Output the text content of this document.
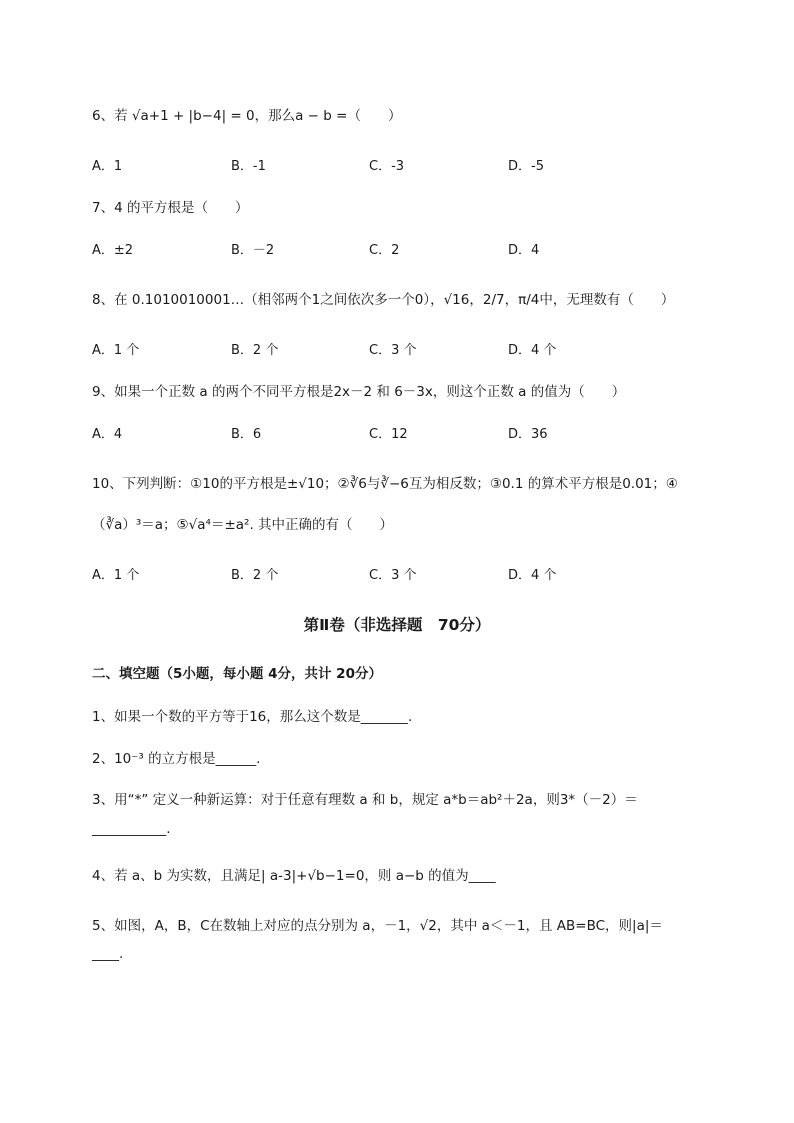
6、若 √a+1 + |b−4| = 0，那么a − b =（　　）
A．1	B．-1	C．-3	D．-5
7、4 的平方根是（　　）
A．±2	B．－2	C．2	D．4
8、在 0.1010010001…（相邻两个1之间依次多一个0），√16，2/7，π/4中，无理数有（　　）
A．1 个	B．2 个	C．3 个	D．4 个
9、如果一个正数 a 的两个不同平方根是2x－2 和 6－3x，则这个正数 a 的值为（　　）
A．4	B．6	C．12	D．36
10、下列判断：①10的平方根是±√10；②∛6与∛−6互为相反数；③0.1 的算术平方根是0.01；④
（∛a）³＝a；⑤√a⁴＝±a². 其中正确的有（　　）
A．1 个	B．2 个	C．3 个	D．4 个
第Ⅱ卷（非选择题　70分）
二、填空题（5小题，每小题 4分，共计 20分）
1、如果一个数的平方等于16，那么这个数是_______.
2、10⁻³ 的立方根是______.
3、用“*” 定义一种新运算：对于任意有理数 a 和 b，规定 a*b＝ab²＋2a，则3*（－2）＝
___________.
4、若 a、b 为实数，且满足| a-3|+√b−1=0，则 a−b 的值为____
5、如图，A，B，C在数轴上对应的点分别为 a，－1，√2，其中 a＜－1，且 AB=BC，则|a|＝
____.
